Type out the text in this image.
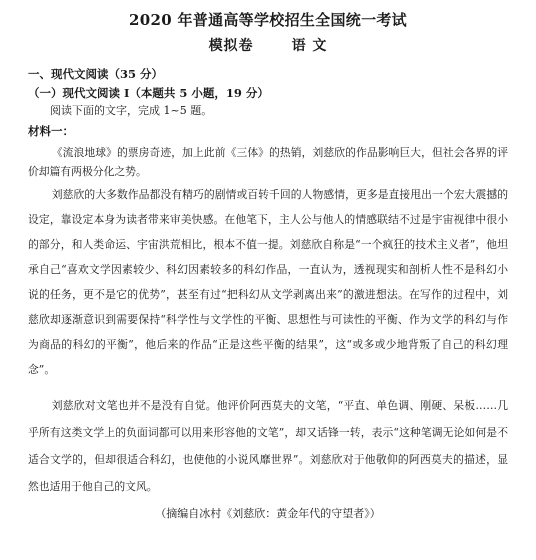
2020 年普通高等学校招生全国统一考试
模拟卷	语 文
一、现代文阅读（35 分）
（一）现代文阅读 I（本题共 5 小题，19 分）
阅读下面的文字，完成 1~5 题。
材料一：

《流浪地球》的票房奇迹，加上此前《三体》的热销，刘慈欣的作品影响巨大，但社会各界的评价却篇有两极分化之势。

刘慈欣的大多数作品都没有精巧的剧情或百转千回的人物感情，更多是直接甩出一个宏大震撼的设定，靠设定本身为读者带来审美快感。在他笔下，主人公与他人的情感联结不过是宇宙视律中很小的部分，和人类命运、宇宙洪荒相比，根本不值一提。刘慈欣自称是“一个疯狂的技术主义者”，他坦承自己“喜欢文学因素较少、科幻因素较多的科幻作品，一直认为，透视现实和剖析人性不是科幻小说的任务，更不是它的优势”，甚至有过“把科幻从文学剥离出来”的激进想法。在写作的过程中，刘慈欣却逐渐意识到需要保持“科学性与文学性的平衡、思想性与可读性的平衡、作为文学的科幻与作为商品的科幻的平衡”，他后来的作品“正是这些平衡的结果”，这“或多或少地背叛了自己的科幻理念”。

刘慈欣对文笔也并不是没有自觉。他评价阿西莫夫的文笔，“平直、单色调、刚硬、呆板……几乎所有这类文学上的负面词都可以用来形容他的文笔”，却又话锋一转，表示“这种笔调无论如何是不适合文学的，但却很适合科幻，也使他的小说风靡世界”。刘慈欣对于他敬仰的阿西莫夫的描述，显然也适用于他自己的文风。

（摘编自冰村《刘慈欣：黄金年代的守望者》）
